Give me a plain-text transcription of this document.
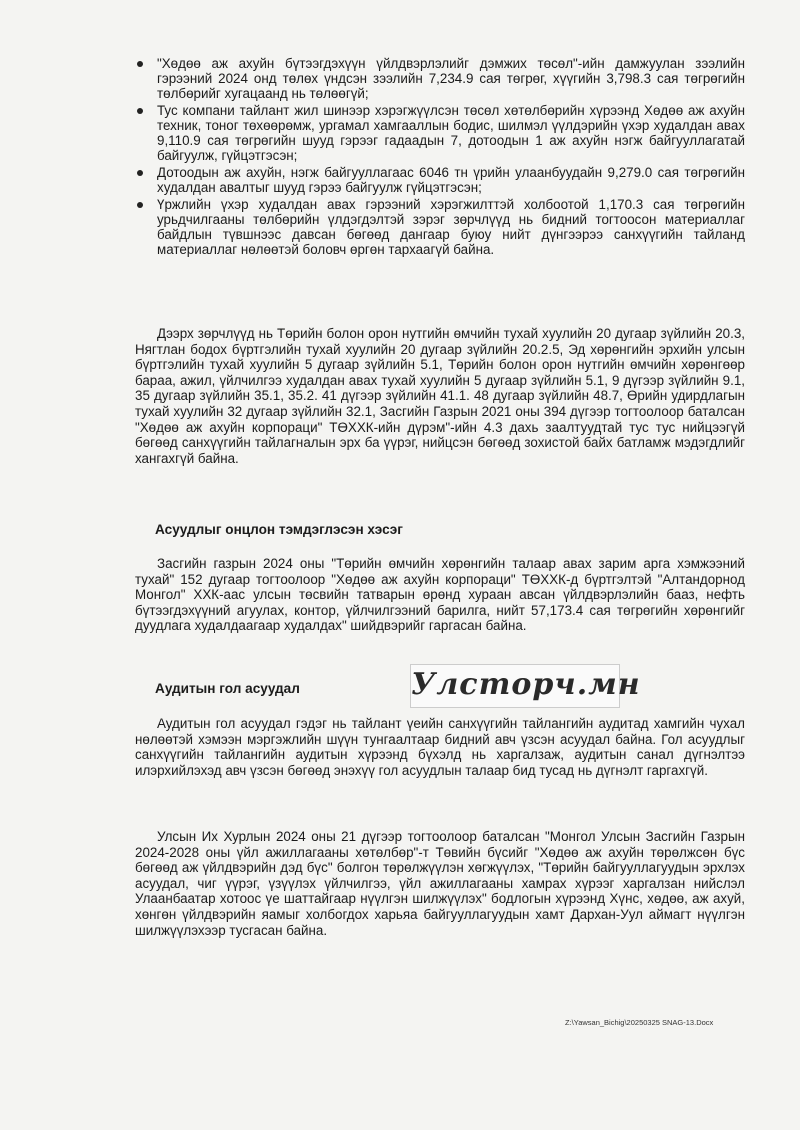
"Хөдөө аж ахуйн бүтээгдэхүүн үйлдвэрлэлийг дэмжих төсөл"-ийн дамжуулан зээлийн гэрээний 2024 онд төлөх үндсэн зээлийн 7,234.9 сая төгрөг, хүүгийн 3,798.3 сая төгрөгийн төлбөрийг хугацаанд нь төлөөгүй;
Тус компани тайлант жил шинээр хэрэгжүүлсэн төсөл хөтөлбөрийн хүрээнд Хөдөө аж ахуйн техник, тоног төхөөрөмж, ургамал хамгааллын бодис, шилмэл үүлдэрийн үхэр худалдан авах 9,110.9 сая төгрөгийн шууд гэрээг гадаадын 7, дотоодын 1 аж ахуйн нэгж байгууллагатай байгуулж, гүйцэтгэсэн;
Дотоодын аж ахуйн, нэгж байгууллагаас 6046 тн үрийн улаанбуудайн 9,279.0 сая төгрөгийн худалдан авалтыг шууд гэрээ байгуулж гүйцэтгэсэн;
Үржлийн үхэр худалдан авах гэрээний хэрэгжилттэй холбоотой 1,170.3 сая төгрөгийн урьдчилгааны төлбөрийн үлдэгдэлтэй зэрэг зөрчлүүд нь бидний тогтоосон материаллаг байдлын түвшнээс давсан бөгөөд дангаар буюу нийт дүнгээрээ санхүүгийн тайланд материаллаг нөлөөтэй боловч өргөн тархаагүй байна.

Дээрх зөрчлүүд нь Төрийн болон орон нутгийн өмчийн тухай хуулийн 20 дугаар зүйлийн 20.3, Нягтлан бодох бүртгэлийн тухай хуулийн 20 дугаар зүйлийн 20.2.5, Эд хөрөнгийн эрхийн улсын бүртгэлийн тухай хуулийн 5 дугаар зүйлийн 5.1, Төрийн болон орон нутгийн өмчийн хөрөнгөөр бараа, ажил, үйлчилгээ худалдан авах тухай хуулийн 5 дугаар зүйлийн 5.1, 9 дүгээр зүйлийн 9.1, 35 дугаар зүйлийн 35.1, 35.2. 41 дүгээр зүйлийн 41.1. 48 дугаар зүйлийн 48.7, Өрийн удирдлагын тухай хуулийн 32 дугаар зүйлийн 32.1, Засгийн Газрын 2021 оны 394 дүгээр тогтоолоор баталсан "Хөдөө аж ахуйн корпораци" ТӨХХК-ийн дүрэм"-ийн 4.3 дахь заалтуудтай тус тус нийцээгүй бөгөөд санхүүгийн тайлагналын эрх ба үүрэг, нийцсэн бөгөөд зохистой байх батламж мэдэгдлийг хангахгүй байна.

Асуудлыг онцлон тэмдэглэсэн хэсэг

Засгийн газрын 2024 оны "Төрийн өмчийн хөрөнгийн талаар авах зарим арга хэмжээний тухай" 152 дугаар тогтоолоор "Хөдөө аж ахуйн корпораци" ТӨХХК-д бүртгэлтэй "Алтандорнод Монгол" ХХК-аас улсын төсвийн татварын өрөнд хураан авсан үйлдвэрлэлийн бааз, нефть бүтээгдэхүүний агуулах, контор, үйлчилгээний барилга, нийт 57,173.4 сая төгрөгийн хөрөнгийг дуудлага худалдаагаар худалдах" шийдвэрийг гаргасан байна.

Аудитын гол асуудал	Улсторч.мн

Аудитын гол асуудал гэдэг нь тайлант үеийн санхүүгийн тайлангийн аудитад хамгийн чухал нөлөөтэй хэмээн мэргэжлийн шүүн тунгаалтаар бидний авч үзсэн асуудал байна. Гол асуудлыг санхүүгийн тайлангийн аудитын хүрээнд бүхэлд нь харгалзаж, аудитын санал дүгнэлтээ илэрхийлэхэд авч үзсэн бөгөөд энэхүү гол асуудлын талаар бид тусад нь дүгнэлт гаргахгүй.

Улсын Их Хурлын 2024 оны 21 дүгээр тогтоолоор баталсан "Монгол Улсын Засгийн Газрын 2024-2028 оны үйл ажиллагааны хөтөлбөр"-т Төвийн бүсийг "Хөдөө аж ахуйн төрөлжсөн бүс бөгөөд аж үйлдвэрийн дэд бүс" болгон төрөлжүүлэн хөгжүүлэх, "Төрийн байгууллагуудын эрхлэх асуудал, чиг үүрэг, үзүүлэх үйлчилгээ, үйл ажиллагааны хамрах хүрээг харгалзан нийслэл Улаанбаатар хотоос үе шаттайгаар нүүлгэн шилжүүлэх" бодлогын хүрээнд Хүнс, хөдөө, аж ахуй, хөнгөн үйлдвэрийн яамыг холбогдох харьяа байгууллагуудын хамт Дархан-Уул аймагт нүүлгэн шилжүүлэхээр тусгасан байна.

Z:\Yawsan_Bichig\20250325 SNAG-13.Docx
